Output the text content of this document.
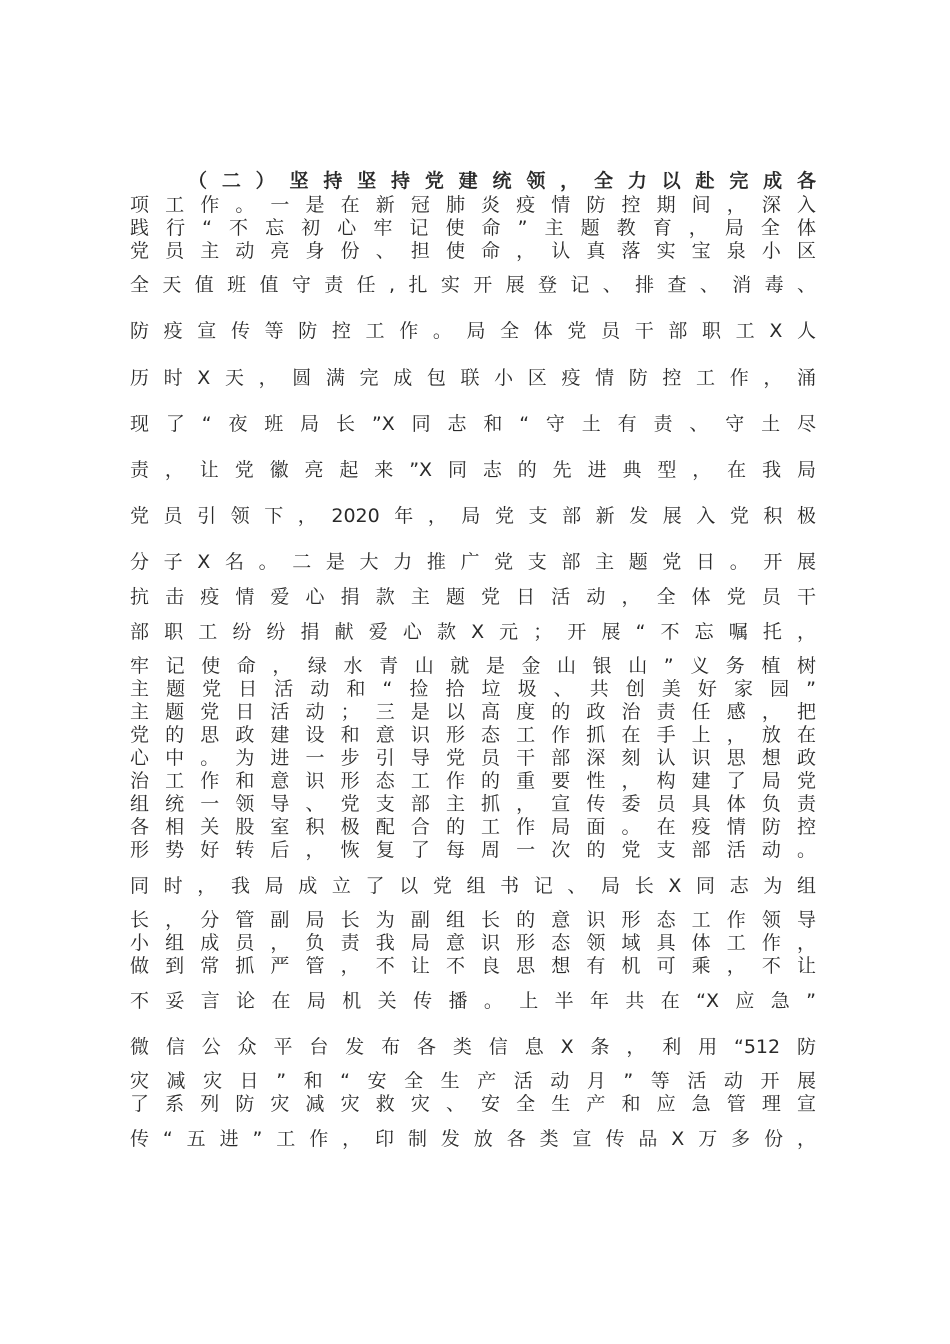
（二）坚持坚持党建统领，全力以赴完成各
项工作。一是在新冠肺炎疫情防控期间，深入
践行“不忘初心牢记使命”主题教育，局全体
党员主动亮身份、担使命，认真落实宝泉小区
全天值班值守责任,扎实开展登记、排查、消毒、
防疫宣传等防控工作。局全体党员干部职工X人
历时X天，圆满完成包联小区疫情防控工作，涌
现了“夜班局长”X同志和“守土有责、守土尽
责，让党徽亮起来”X同志的先进典型，在我局
党员引领下，2020年，局党支部新发展入党积极
分子X名。二是大力推广党支部主题党日。开展
抗击疫情爱心捐款主题党日活动，全体党员干
部职工纷纷捐献爱心款X元；开展“不忘嘱托，
牢记使命，绿水青山就是金山银山”义务植树
主题党日活动和“捡拾垃圾、共创美好家园”
主题党日活动；三是以高度的政治责任感，把
党的思政建设和意识形态工作抓在手上，放在
心中。为进一步引导党员干部深刻认识思想政
治工作和意识形态工作的重要性，构建了局党
组统一领导、党支部主抓，宣传委员具体负责
各相关股室积极配合的工作局面。在疫情防控
形势好转后，恢复了每周一次的党支部活动。
同时，我局成立了以党组书记、局长X同志为组
长，分管副局长为副组长的意识形态工作领导
小组成员，负责我局意识形态领域具体工作，
做到常抓严管，不让不良思想有机可乘，不让
不妥言论在局机关传播。上半年共在“X应急”
微信公众平台发布各类信息X条，利用“512防
灾减灾日”和“安全生产活动月”等活动开展
了系列防灾减灾救灾、安全生产和应急管理宣
传“五进”工作，印制发放各类宣传品X万多份，
